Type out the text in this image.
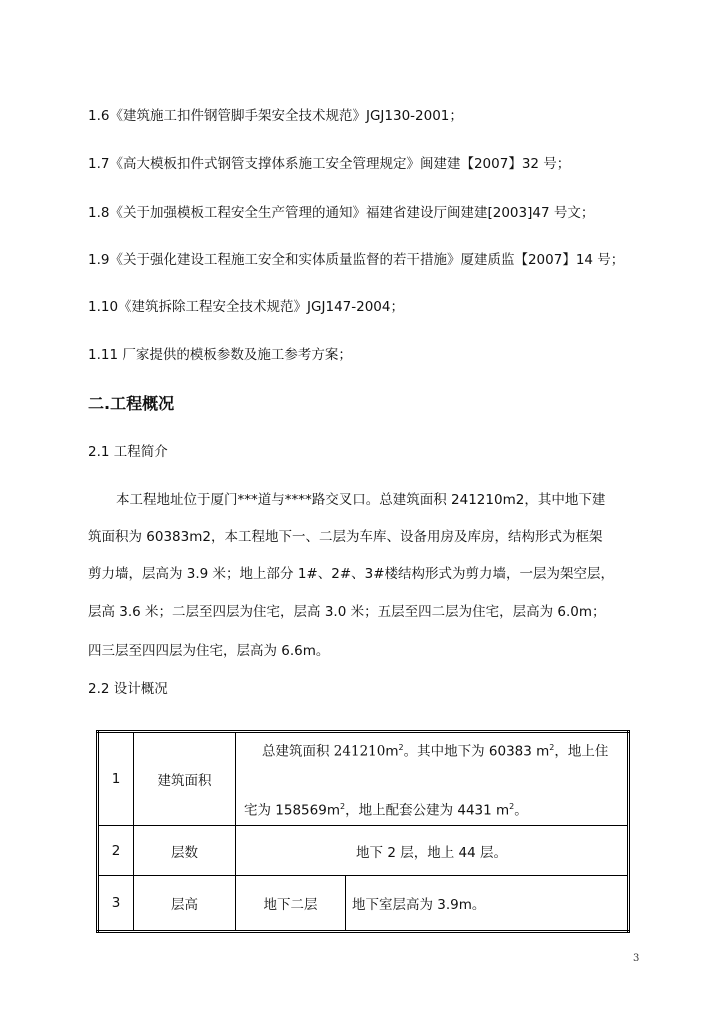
1.6《建筑施工扣件钢管脚手架安全技术规范》JGJ130-2001；
1.7《高大模板扣件式钢管支撑体系施工安全管理规定》闽建建【2007】32 号；
1.8《关于加强模板工程安全生产管理的通知》福建省建设厅闽建建[2003]47 号文；
1.9《关于强化建设工程施工安全和实体质量监督的若干措施》厦建质监【2007】14 号；
1.10《建筑拆除工程安全技术规范》JGJ147-2004；
1.11 厂家提供的模板参数及施工参考方案；
二.工程概况
2.1 工程简介
本工程地址位于厦门***道与****路交叉口。总建筑面积 241210m2，其中地下建
筑面积为 60383m2，本工程地下一、二层为车库、设备用房及库房，结构形式为框架
剪力墙，层高为 3.9 米；地上部分 1#、2#、3#楼结构形式为剪力墙，一层为架空层，
层高 3.6 米；二层至四层为住宅，层高 3.0 米；五层至四二层为住宅，层高为 6.0m；
四三层至四四层为住宅，层高为 6.6m。
2.2 设计概况
1	建筑面积	总建筑面积 $241210m^2$。其中地下为 60383 $m^2$，地上住
宅为 $158569m^2$，地上配套公建为 4431 $m^2$。	

2	层数	地下 2 层，地上 44 层。	
3	层高	地下二层	地下室层高为 3.9m。
3
